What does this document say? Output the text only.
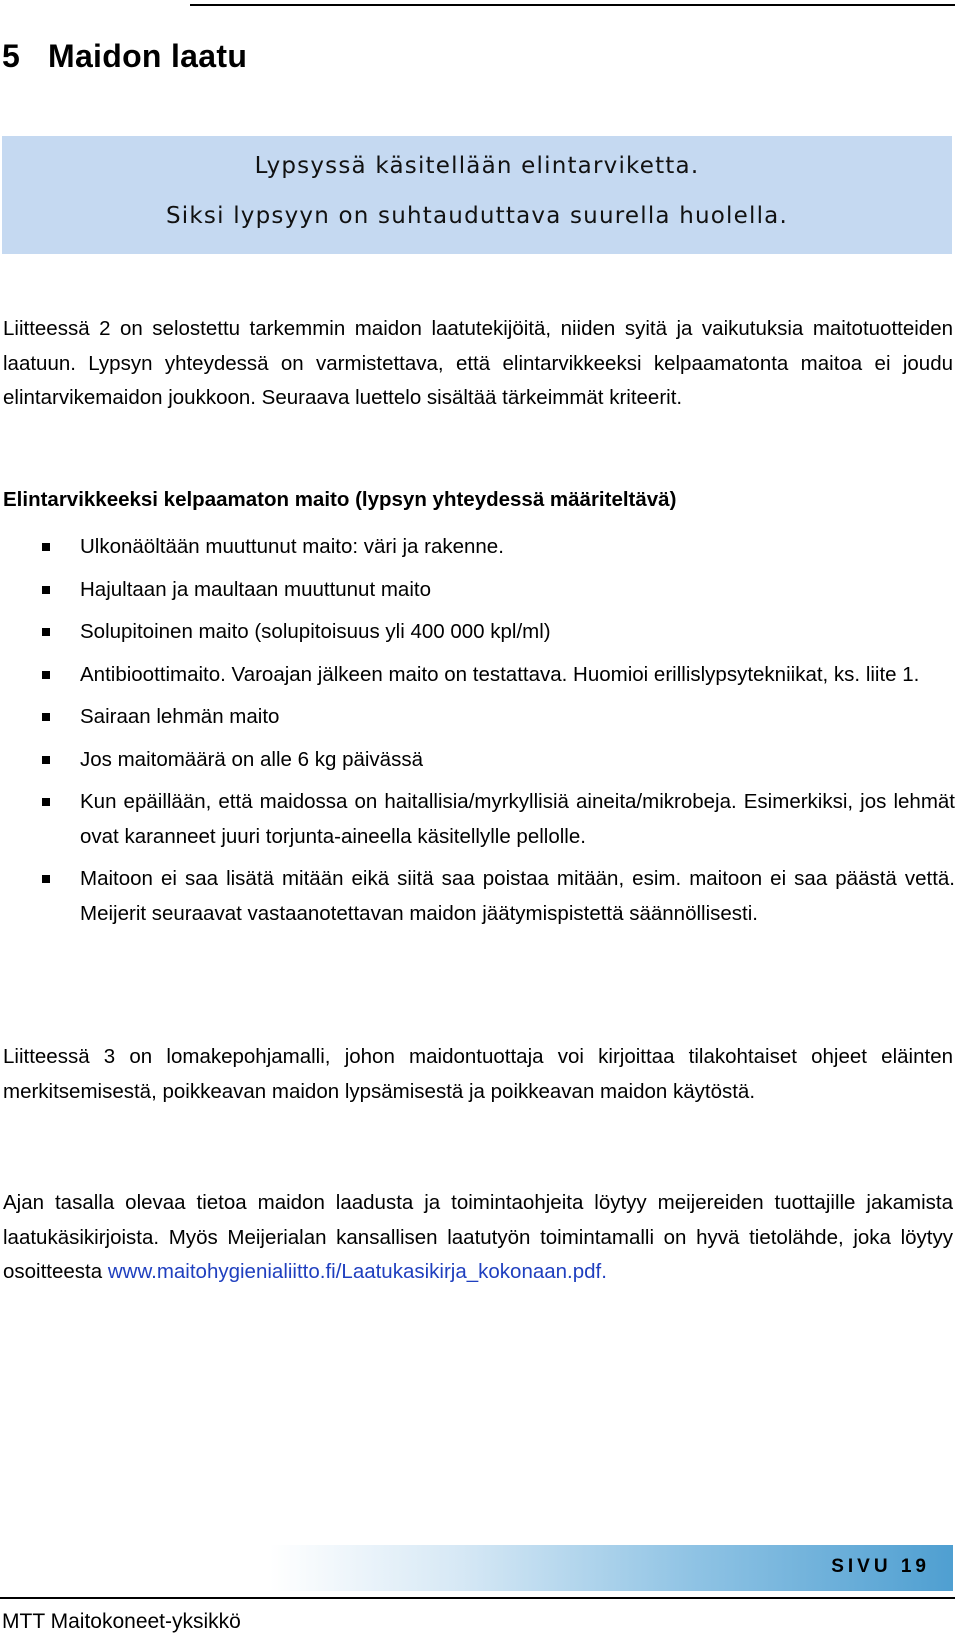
5 Maidon laatu

Lypsyssä käsitellään elintarviketta.

Siksi lypsyyn on suhtauduttava suurella huolella.

Liitteessä 2 on selostettu tarkemmin maidon laatutekijöitä, niiden syitä ja vaikutuksia maitotuotteiden laatuun. Lypsyn yhteydessä on varmistettava, että elintarvikkeeksi kelpaamatonta maitoa ei joudu elintarvikemaidon joukkoon. Seuraava luettelo sisältää tärkeimmät kriteerit.

Elintarvikkeeksi kelpaamaton maito (lypsyn yhteydessä määriteltävä)

Ulkonäöltään muuttunut maito: väri ja rakenne.
Hajultaan ja maultaan muuttunut maito
Solupitoinen maito (solupitoisuus yli 400 000 kpl/ml)
Antibioottimaito. Varoajan jälkeen maito on testattava. Huomioi erillislypsytekniikat, ks. liite 1.
Sairaan lehmän maito
Jos maitomäärä on alle 6 kg päivässä
Kun epäillään, että maidossa on haitallisia/myrkyllisiä aineita/mikrobeja. Esimerkiksi, jos lehmät ovat karanneet juuri torjunta-aineella käsitellylle pellolle.
Maitoon ei saa lisätä mitään eikä siitä saa poistaa mitään, esim. maitoon ei saa päästä vettä. Meijerit seuraavat vastaanotettavan maidon jäätymispistettä säännöllisesti.

Liitteessä 3 on lomakepohjamalli, johon maidontuottaja voi kirjoittaa tilakohtaiset ohjeet eläinten merkitsemisestä, poikkeavan maidon lypsämisestä ja poikkeavan maidon käytöstä.

Ajan tasalla olevaa tietoa maidon laadusta ja toimintaohjeita löytyy meijereiden tuottajille jakamista laatukäsikirjoista. Myös Meijerialan kansallisen laatutyön toimintamalli on hyvä tietolähde, joka löytyy osoitteesta www.maitohygienialiitto.fi/Laatukasikirja_kokonaan.pdf.

SIVU 19

MTT Maitokoneet-yksikkö
